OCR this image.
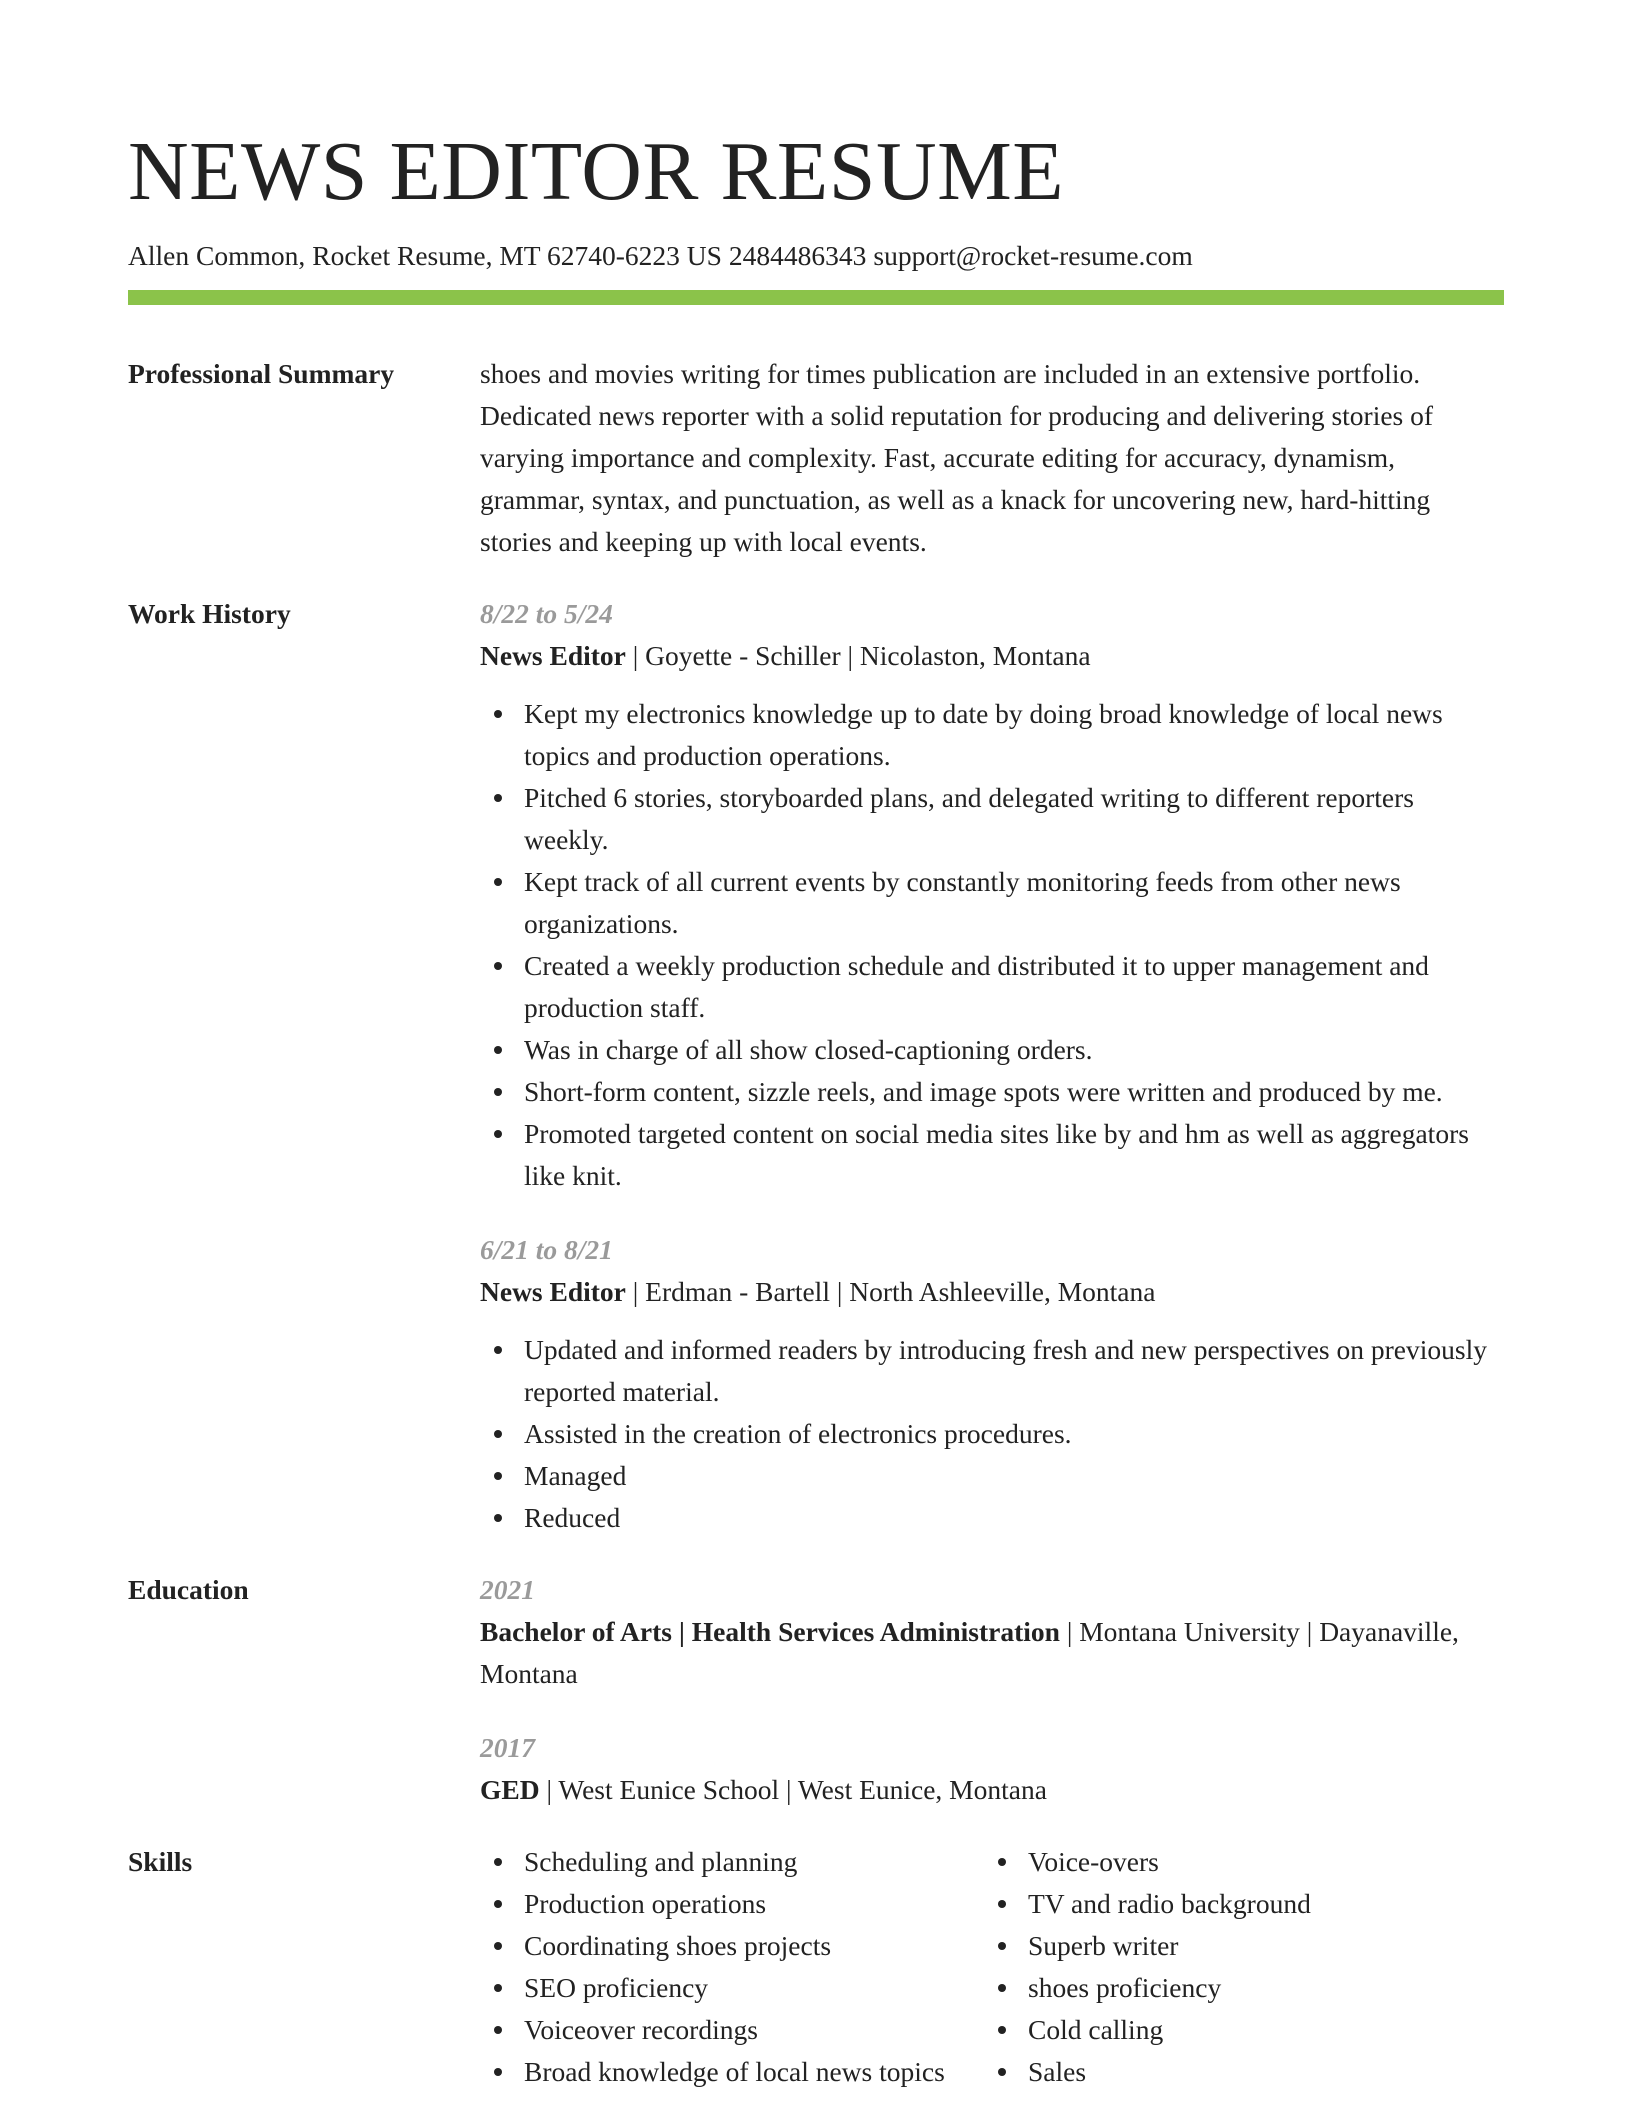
NEWS EDITOR RESUME
Allen Common, Rocket Resume, MT 62740-6223 US 2484486343 support@rocket-resume.com
Professional Summary	shoes and movies writing for times publication are included in an extensive portfolio. Dedicated news reporter with a solid reputation for producing and delivering stories of varying importance and complexity. Fast, accurate editing for accuracy, dynamism, grammar, syntax, and punctuation, as well as a knack for uncovering new, hard-hitting stories and keeping up with local events.

Work History	8/22 to 5/24
News Editor | Goyette - Schiller | Nicolaston, Montana
Kept my electronics knowledge up to date by doing broad knowledge of local news topics and production operations.
Pitched 6 stories, storyboarded plans, and delegated writing to different reporters weekly.
Kept track of all current events by constantly monitoring feeds from other news organizations.
Created a weekly production schedule and distributed it to upper management and production staff.
Was in charge of all show closed-captioning orders.
Short-form content, sizzle reels, and image spots were written and produced by me.
Promoted targeted content on social media sites like by and hm as well as aggregators like knit.
6/21 to 8/21
News Editor | Erdman - Bartell | North Ashleeville, Montana
Updated and informed readers by introducing fresh and new perspectives on previously reported material.
Assisted in the creation of electronics procedures.
Managed
Reduced
Education	2021
Bachelor of Arts | Health Services Administration | Montana University | Dayanaville, Montana
2017
GED | West Eunice School | West Eunice, Montana
Skills	Scheduling and planning
Production operations
Coordinating shoes projects
SEO proficiency
Voiceover recordings
Broad knowledge of local news topics
Voice-overs
TV and radio background
Superb writer
shoes proficiency
Cold calling
Sales
